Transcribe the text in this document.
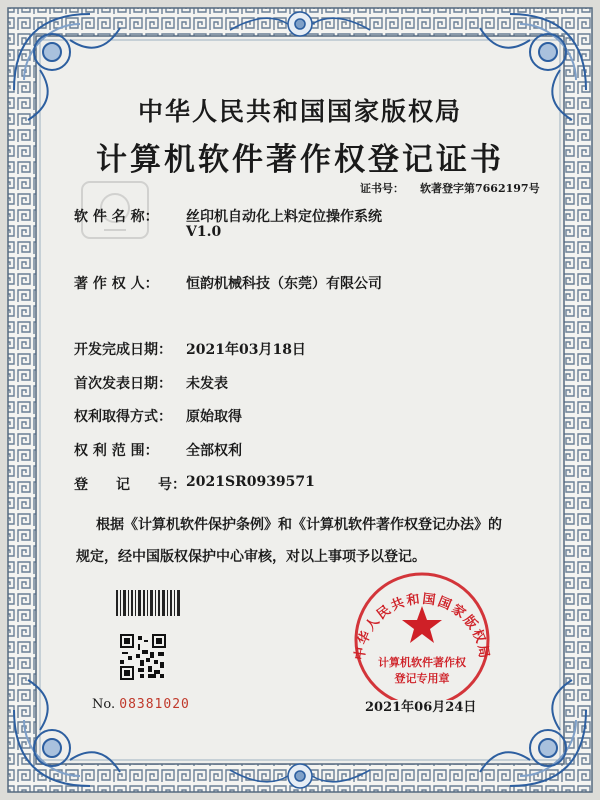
中华人民共和国国家版权局
计算机软件著作权登记证书
证书号： 软著登字第7662197号
软 件 名 称： 丝印机自动化上料定位操作系统
V1.0
著 作 权 人： 恒韵机械科技（东莞）有限公司
开发完成日期： 2021年03月18日
首次发表日期： 未发表
权利取得方式： 原始取得
权 利 范 围： 全部权利
登　　记　　号： 2021SR0939571
根据《计算机软件保护条例》和《计算机软件著作权登记办法》的
规定，经中国版权保护中心审核，对以上事项予以登记。
No. 08381020
中华人民共和国国家版权局
计算机软件著作权
登记专用章
2021年06月24日
